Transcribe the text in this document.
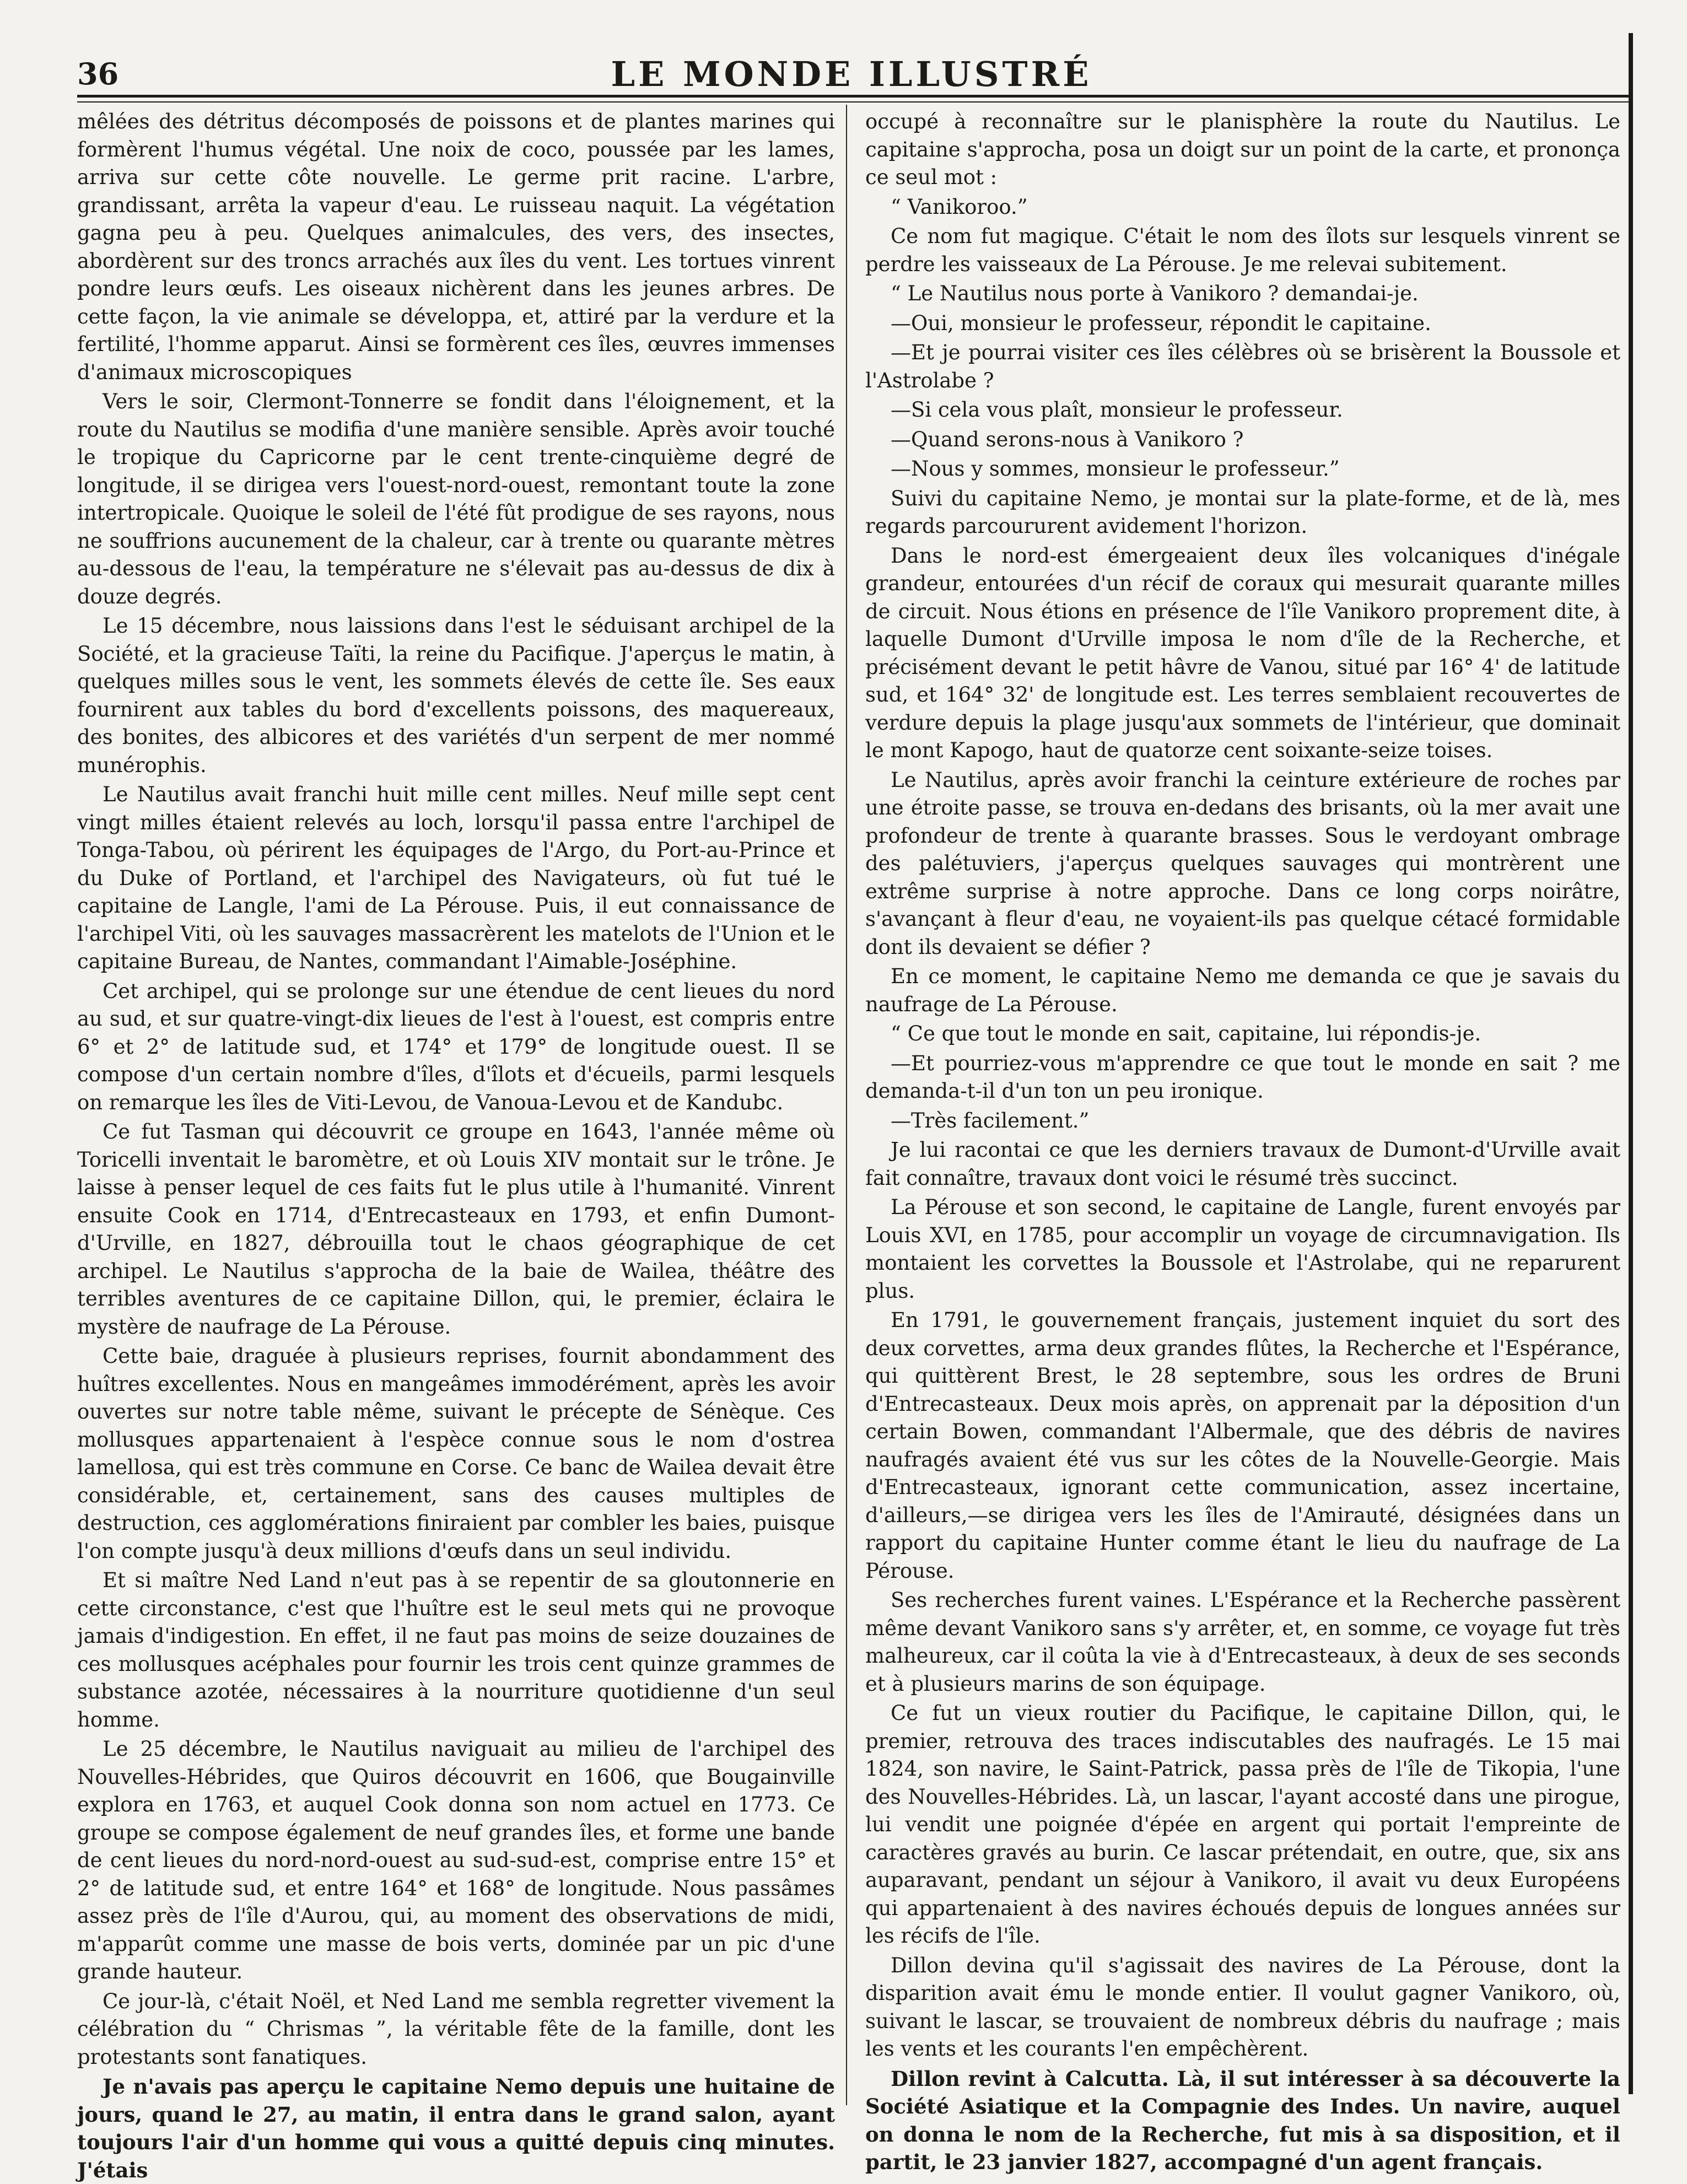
36	LE MONDE ILLUSTRÉ

mêlées des détritus décomposés de poissons et de plantes marines qui formèrent l'humus végétal. Une noix de coco, poussée par les lames, arriva sur cette côte nouvelle. Le germe prit racine. L'arbre, grandissant, arrêta la vapeur d'eau. Le ruisseau naquit. La végétation gagna peu à peu. Quelques animalcules, des vers, des insectes, abordèrent sur des troncs arrachés aux îles du vent. Les tortues vinrent pondre leurs œufs. Les oiseaux nichèrent dans les jeunes arbres. De cette façon, la vie animale se développa, et, attiré par la verdure et la fertilité, l'homme apparut. Ainsi se formèrent ces îles, œuvres immenses d'animaux microscopiques

Vers le soir, Clermont-Tonnerre se fondit dans l'éloignement, et la route du Nautilus se modifia d'une manière sensible. Après avoir touché le tropique du Capricorne par le cent trente-cinquième degré de longitude, il se dirigea vers l'ouest-nord-ouest, remontant toute la zone intertropicale. Quoique le soleil de l'été fût prodigue de ses rayons, nous ne souffrions aucunement de la chaleur, car à trente ou quarante mètres au-dessous de l'eau, la température ne s'élevait pas au-dessus de dix à douze degrés.

Le 15 décembre, nous laissions dans l'est le séduisant archipel de la Société, et la gracieuse Taïti, la reine du Pacifique. J'aperçus le matin, à quelques milles sous le vent, les sommets élevés de cette île. Ses eaux fournirent aux tables du bord d'excellents poissons, des maquereaux, des bonites, des albicores et des variétés d'un serpent de mer nommé munérophis.

Le Nautilus avait franchi huit mille cent milles. Neuf mille sept cent vingt milles étaient relevés au loch, lorsqu'il passa entre l'archipel de Tonga-Tabou, où périrent les équipages de l'Argo, du Port-au-Prince et du Duke of Portland, et l'archipel des Navigateurs, où fut tué le capitaine de Langle, l'ami de La Pérouse. Puis, il eut connaissance de l'archipel Viti, où les sauvages massacrèrent les matelots de l'Union et le capitaine Bureau, de Nantes, commandant l'Aimable-Joséphine.

Cet archipel, qui se prolonge sur une étendue de cent lieues du nord au sud, et sur quatre-vingt-dix lieues de l'est à l'ouest, est compris entre 6° et 2° de latitude sud, et 174° et 179° de longitude ouest. Il se compose d'un certain nombre d'îles, d'îlots et d'écueils, parmi lesquels on remarque les îles de Viti-Levou, de Vanoua-Levou et de Kandubc.

Ce fut Tasman qui découvrit ce groupe en 1643, l'année même où Toricelli inventait le baromètre, et où Louis XIV montait sur le trône. Je laisse à penser lequel de ces faits fut le plus utile à l'humanité. Vinrent ensuite Cook en 1714, d'Entrecasteaux en 1793, et enfin Dumont-d'Urville, en 1827, débrouilla tout le chaos géographique de cet archipel. Le Nautilus s'approcha de la baie de Wailea, théâtre des terribles aventures de ce capitaine Dillon, qui, le premier, éclaira le mystère de naufrage de La Pérouse.

Cette baie, draguée à plusieurs reprises, fournit abondamment des huîtres excellentes. Nous en mangeâmes immodérément, après les avoir ouvertes sur notre table même, suivant le précepte de Sénèque. Ces mollusques appartenaient à l'espèce connue sous le nom d'ostrea lamellosa, qui est très commune en Corse. Ce banc de Wailea devait être considérable, et, certainement, sans des causes multiples de destruction, ces agglomérations finiraient par combler les baies, puisque l'on compte jusqu'à deux millions d'œufs dans un seul individu.

Et si maître Ned Land n'eut pas à se repentir de sa gloutonnerie en cette circonstance, c'est que l'huître est le seul mets qui ne provoque jamais d'indigestion. En effet, il ne faut pas moins de seize douzaines de ces mollusques acéphales pour fournir les trois cent quinze grammes de substance azotée, nécessaires à la nourriture quotidienne d'un seul homme.

Le 25 décembre, le Nautilus naviguait au milieu de l'archipel des Nouvelles-Hébrides, que Quiros découvrit en 1606, que Bougainville explora en 1763, et auquel Cook donna son nom actuel en 1773. Ce groupe se compose également de neuf grandes îles, et forme une bande de cent lieues du nord-nord-ouest au sud-sud-est, comprise entre 15° et 2° de latitude sud, et entre 164° et 168° de longitude. Nous passâmes assez près de l'île d'Aurou, qui, au moment des observations de midi, m'apparût comme une masse de bois verts, dominée par un pic d'une grande hauteur.

Ce jour-là, c'était Noël, et Ned Land me sembla regretter vivement la célébration du “ Chrismas ”, la véritable fête de la famille, dont les protestants sont fanatiques.

Je n'avais pas aperçu le capitaine Nemo depuis une huitaine de jours, quand le 27, au matin, il entra dans le grand salon, ayant toujours l'air d'un homme qui vous a quitté depuis cinq minutes. J'étais

occupé à reconnaître sur le planisphère la route du Nautilus. Le capitaine s'approcha, posa un doigt sur un point de la carte, et prononça ce seul mot :

“ Vanikoroo.”

Ce nom fut magique. C'était le nom des îlots sur lesquels vinrent se perdre les vaisseaux de La Pérouse. Je me relevai subitement.

“ Le Nautilus nous porte à Vanikoro ? demandai-je.

—Oui, monsieur le professeur, répondit le capitaine.

—Et je pourrai visiter ces îles célèbres où se brisèrent la Boussole et l'Astrolabe ?

—Si cela vous plaît, monsieur le professeur.

—Quand serons-nous à Vanikoro ?

—Nous y sommes, monsieur le professeur.”

Suivi du capitaine Nemo, je montai sur la plate-forme, et de là, mes regards parcoururent avidement l'horizon.

Dans le nord-est émergeaient deux îles volcaniques d'inégale grandeur, entourées d'un récif de coraux qui mesurait quarante milles de circuit. Nous étions en présence de l'île Vanikoro proprement dite, à laquelle Dumont d'Urville imposa le nom d'île de la Recherche, et précisément devant le petit hâvre de Vanou, situé par 16° 4' de latitude sud, et 164° 32' de longitude est. Les terres semblaient recouvertes de verdure depuis la plage jusqu'aux sommets de l'intérieur, que dominait le mont Kapogo, haut de quatorze cent soixante-seize toises.

Le Nautilus, après avoir franchi la ceinture extérieure de roches par une étroite passe, se trouva en-dedans des brisants, où la mer avait une profondeur de trente à quarante brasses. Sous le verdoyant ombrage des palétuviers, j'aperçus quelques sauvages qui montrèrent une extrême surprise à notre approche. Dans ce long corps noirâtre, s'avançant à fleur d'eau, ne voyaient-ils pas quelque cétacé formidable dont ils devaient se défier ?

En ce moment, le capitaine Nemo me demanda ce que je savais du naufrage de La Pérouse.

“ Ce que tout le monde en sait, capitaine, lui répondis-je.

—Et pourriez-vous m'apprendre ce que tout le monde en sait ? me demanda-t-il d'un ton un peu ironique.

—Très facilement.”

Je lui racontai ce que les derniers travaux de Dumont-d'Urville avait fait connaître, travaux dont voici le résumé très succinct.

La Pérouse et son second, le capitaine de Langle, furent envoyés par Louis XVI, en 1785, pour accomplir un voyage de circumnavigation. Ils montaient les corvettes la Boussole et l'Astrolabe, qui ne reparurent plus.

En 1791, le gouvernement français, justement inquiet du sort des deux corvettes, arma deux grandes flûtes, la Recherche et l'Espérance, qui quittèrent Brest, le 28 septembre, sous les ordres de Bruni d'Entrecasteaux. Deux mois après, on apprenait par la déposition d'un certain Bowen, commandant l'Albermale, que des débris de navires naufragés avaient été vus sur les côtes de la Nouvelle-Georgie. Mais d'Entrecasteaux, ignorant cette communication, assez incertaine, d'ailleurs,—se dirigea vers les îles de l'Amirauté, désignées dans un rapport du capitaine Hunter comme étant le lieu du naufrage de La Pérouse.

Ses recherches furent vaines. L'Espérance et la Recherche passèrent même devant Vanikoro sans s'y arrêter, et, en somme, ce voyage fut très malheureux, car il coûta la vie à d'Entrecasteaux, à deux de ses seconds et à plusieurs marins de son équipage.

Ce fut un vieux routier du Pacifique, le capitaine Dillon, qui, le premier, retrouva des traces indiscutables des naufragés. Le 15 mai 1824, son navire, le Saint-Patrick, passa près de l'île de Tikopia, l'une des Nouvelles-Hébrides. Là, un lascar, l'ayant accosté dans une pirogue, lui vendit une poignée d'épée en argent qui portait l'empreinte de caractères gravés au burin. Ce lascar prétendait, en outre, que, six ans auparavant, pendant un séjour à Vanikoro, il avait vu deux Européens qui appartenaient à des navires échoués depuis de longues années sur les récifs de l'île.

Dillon devina qu'il s'agissait des navires de La Pérouse, dont la disparition avait ému le monde entier. Il voulut gagner Vanikoro, où, suivant le lascar, se trouvaient de nombreux débris du naufrage ; mais les vents et les courants l'en empêchèrent.

Dillon revint à Calcutta. Là, il sut intéresser à sa découverte la Société Asiatique et la Compagnie des Indes. Un navire, auquel on donna le nom de la Recherche, fut mis à sa disposition, et il partit, le 23 janvier 1827, accompagné d'un agent français.
